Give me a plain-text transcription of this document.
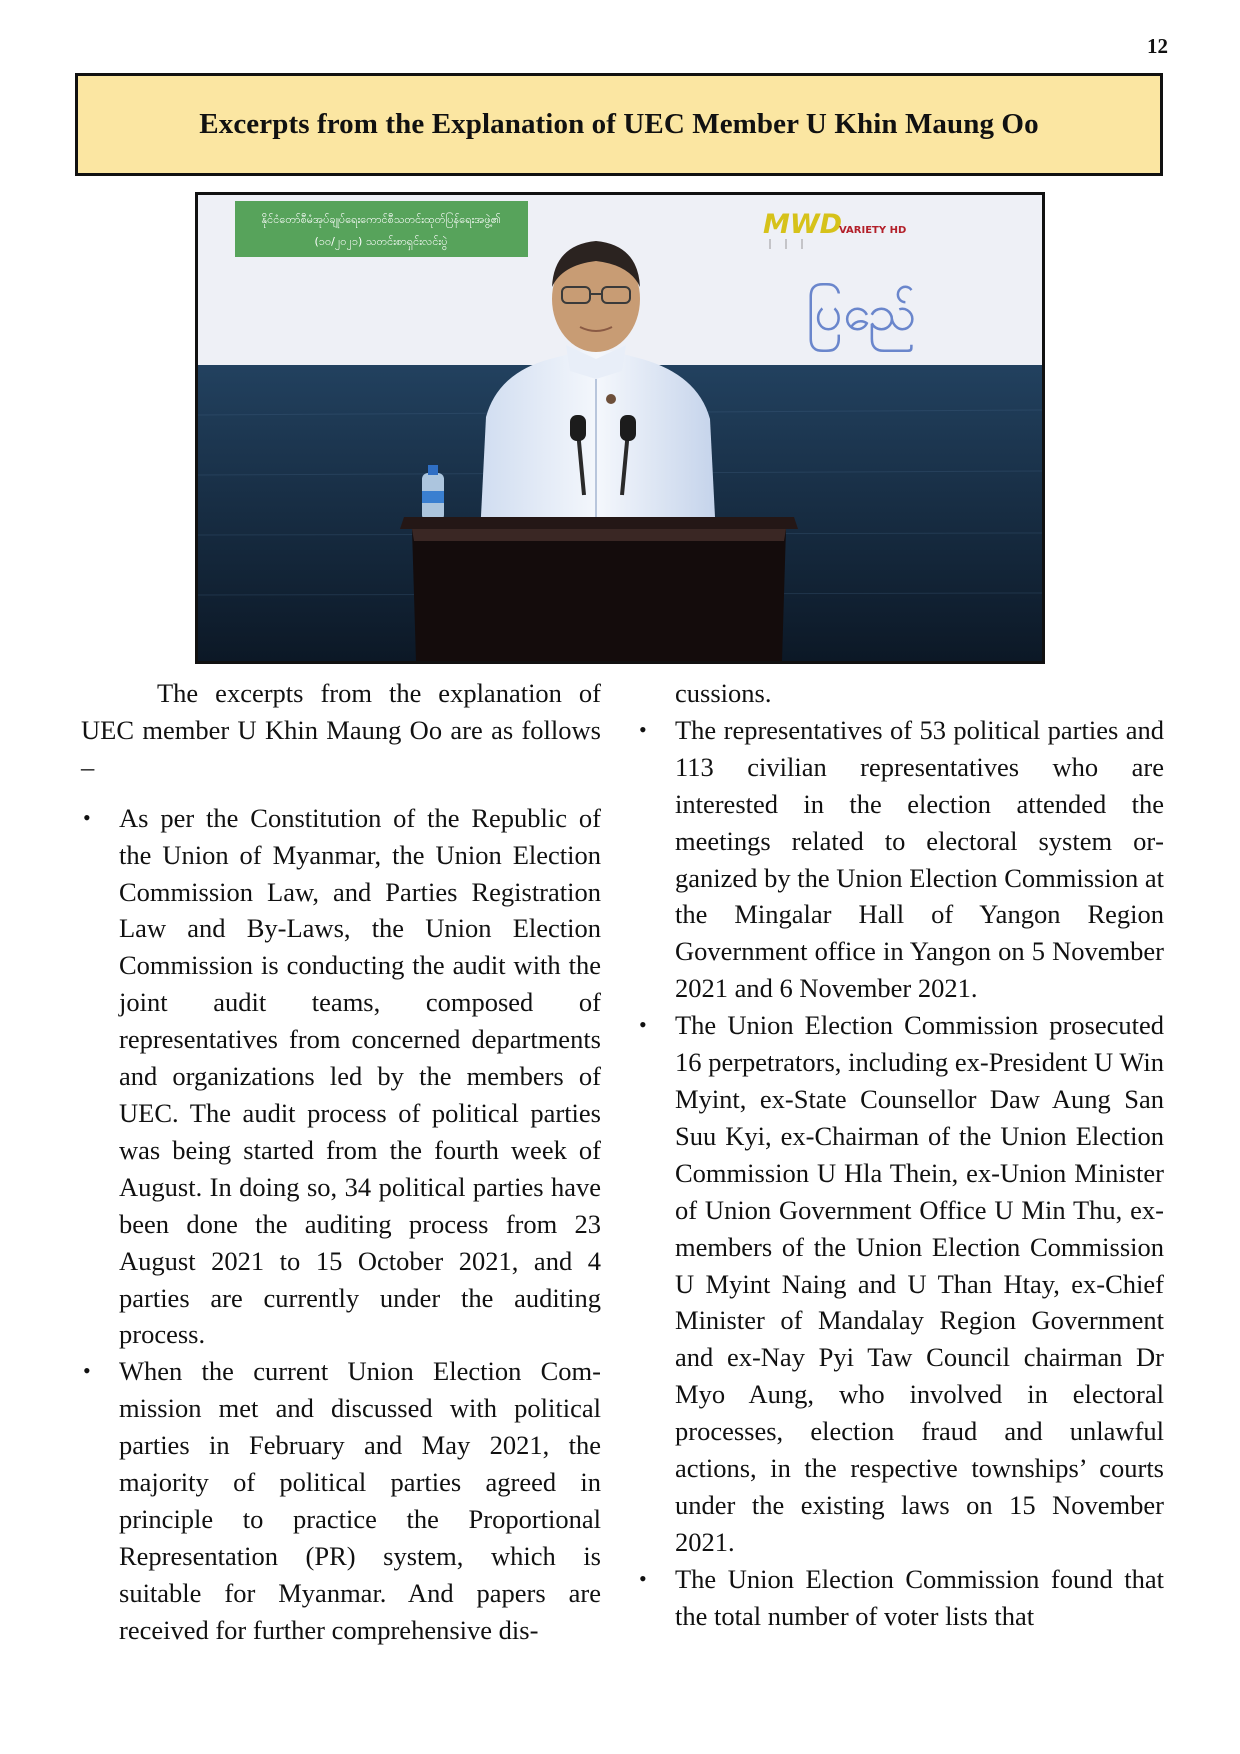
12
Excerpts from the Explanation of UEC Member U Khin Maung Oo
နိုင်ငံတော်စီမံအုပ်ချုပ်ရေးကောင်စီသတင်းထုတ်ပြန်ရေးအဖွဲ့၏
(၁၀/၂၀၂၁) သတင်းစာရှင်းလင်းပွဲ
MWD
VARIETY HD
ပြည်ေ

The excerpts from the explanation of UEC member U Khin Maung Oo are as follows –

• As per the Constitution of the Republic of the Union of Myanmar, the Union Election Commission Law, and Parties Registration Law and By-Laws, the Union Election Commission is conducting the audit with the joint audit teams, composed of representatives from concerned departments and organizations led by the members of UEC. The audit process of political parties was being started from the fourth week of August. In doing so, 34 political parties have been done the auditing process from 23 August 2021 to 15 October 2021, and 4 parties are currently under the auditing process.
• When the current Union Election Commission met and discussed with political parties in February and May 2021, the majority of political parties agreed in principle to practice the Proportional Representation (PR) system, which is suitable for Myanmar. And papers are received for further comprehensive dis-

cussions.

• The representatives of 53 political parties and 113 civilian representatives who are interested in the election attended the meetings related to electoral system organized by the Union Election Commission at the Mingalar Hall of Yangon Region Government office in Yangon on 5 November 2021 and 6 November 2021.
• The Union Election Commission prosecuted 16 perpetrators, including ex-President U Win Myint, ex-State Counsellor Daw Aung San Suu Kyi, ex-Chairman of the Union Election Commission U Hla Thein, ex-Union Minister of Union Government Office U Min Thu, ex-members of the Union Election Commission U Myint Naing and U Than Htay, ex-Chief Minister of Mandalay Region Government and ex-Nay Pyi Taw Council chairman Dr Myo Aung, who involved in electoral processes, election fraud and unlawful actions, in the respective townships’ courts under the existing laws on 15 November 2021.
• The Union Election Commission found that the total number of voter lists that
